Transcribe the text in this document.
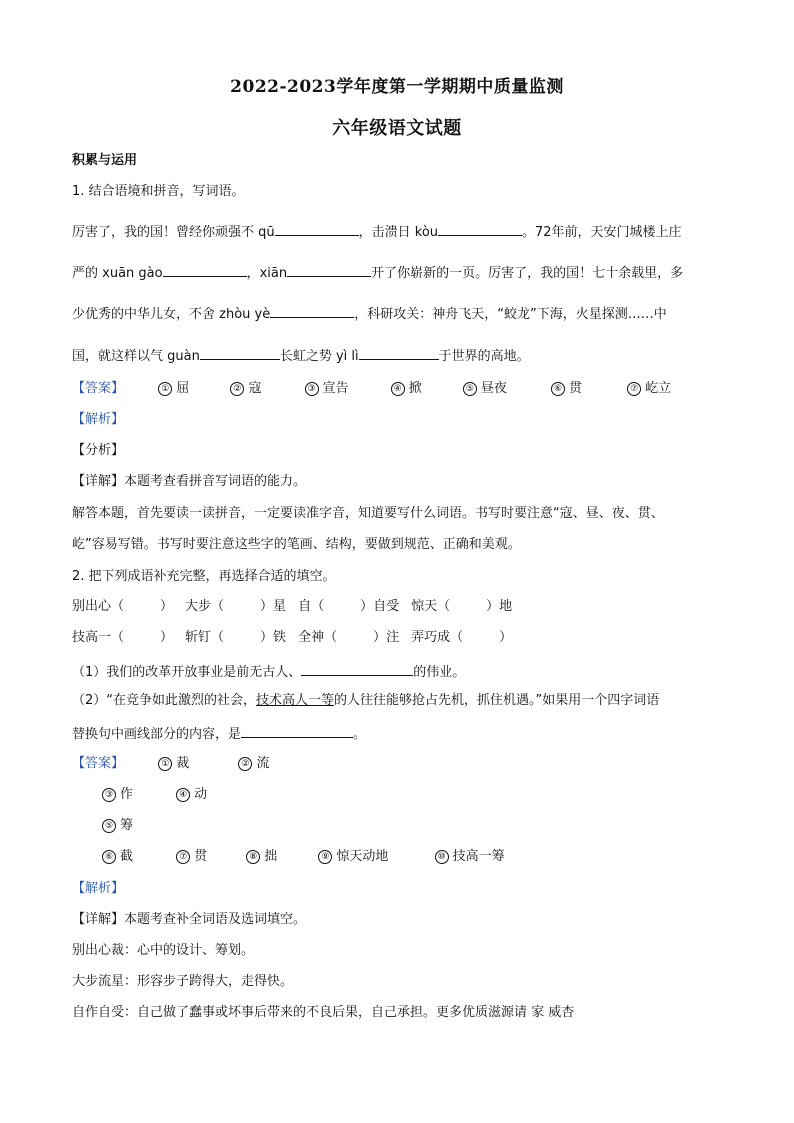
2022-2023学年度第一学期期中质量监测
六年级语文试题
积累与运用
1. 结合语境和拼音，写词语。
厉害了，我的国！曾经你顽强不 qū	，击溃日 kòu	。72年前，天安门城楼上庄
严的 xuān gào	，xiān	开了你崭新的一页。厉害了，我的国！七十余载里，多
少优秀的中华儿女，不舍 zhòu yè	，科研攻关：神舟飞天，“蛟龙”下海，火星探测……中
国，就这样以气 guàn	长虹之势 yì lì	于世界的高地。
【答案】	① 屈	② 寇	③ 宣告	④ 掀	⑤ 昼夜	⑥ 贯	⑦ 屹立
【解析】
【分析】
【详解】本题考查看拼音写词语的能力。
解答本题，首先要读一读拼音，一定要读准字音，知道要写什么词语。书写时要注意“寇、昼、夜、贯、
屹”容易写错。书写时要注意这些字的笔画、结构，要做到规范、正确和美观。
2. 把下列成语补充完整，再选择合适的填空。
别出心（	） 大步（	）星 自（	）自受 惊天（	）地
技高一（	） 斩钉（	）铁 全神（	）注 弄巧成（	）
（1）我们的改革开放事业是前无古人、	的伟业。
（2）“在竞争如此激烈的社会，技术高人一等的人往往能够抢占先机，抓住机遇。”如果用一个四字词语
替换句中画线部分的内容，是	。
【答案】	① 裁	② 流
③ 作	④ 动
⑤ 筹
⑥ 截	⑦ 贯	⑧ 拙	⑨ 惊天动地	⑩ 技高一筹
【解析】
【详解】本题考查补全词语及选词填空。
别出心裁：心中的设计、筹划。
大步流星：形容步子跨得大，走得快。
自作自受：自己做了蠢事或坏事后带来的不良后果，自己承担。更多优质滋源请 家 威杏
